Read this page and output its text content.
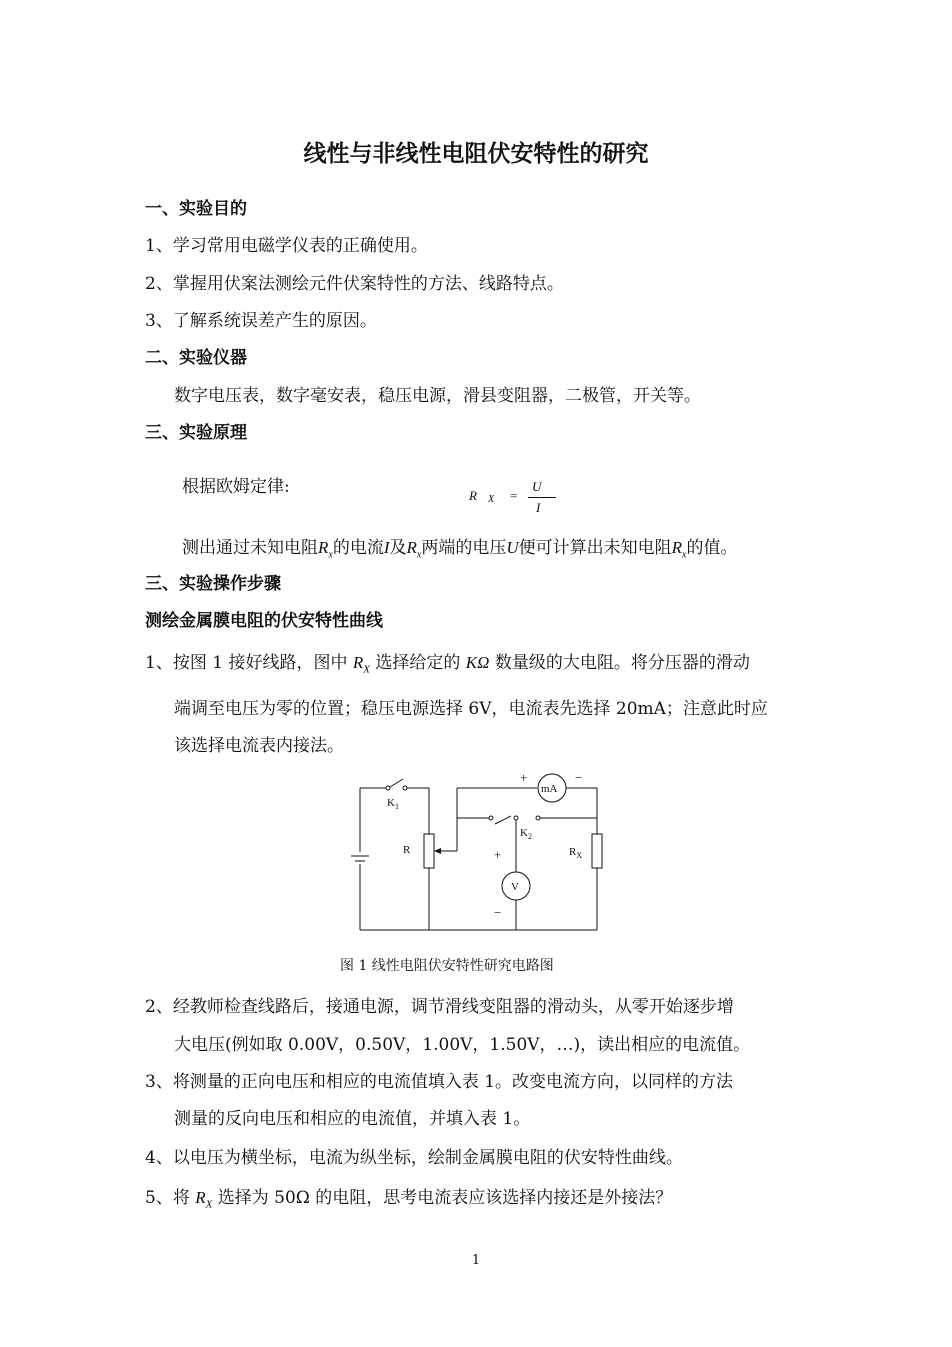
线性与非线性电阻伏安特性的研究
一、实验目的
1、学习常用电磁学仪表的正确使用。
2、掌握用伏案法测绘元件伏案特性的方法、线路特点。
3、了解系统误差产生的原因。
二、实验仪器
数字电压表，数字毫安表，稳压电源，滑县变阻器，二极管，开关等。
三、实验原理
根据欧姆定律:	R X =
U
I
测出通过未知电阻$R_x$的电流I及$R_x$两端的电压U便可计算出未知电阻$R_x$的值。
三、实验操作步骤
测绘金属膜电阻的伏安特性曲线
1、按图 1 接好线路，图中 $R_X$ 选择给定的 KΩ 数量级的大电阻。将分压器的滑动
端调至电压为零的位置；稳压电源选择 6V，电流表先选择 20mA；注意此时应
该选择电流表内接法。
$K_1$
R
$K_2$
$R_X$
mA
V
+	−
+
−
图 1 线性电阻伏安特性研究电路图
2、经教师检查线路后，接通电源，调节滑线变阻器的滑动头，从零开始逐步增
大电压(例如取 0.00V，0.50V，1.00V，1.50V，…)，读出相应的电流值。
3、将测量的正向电压和相应的电流值填入表 1。改变电流方向，以同样的方法
测量的反向电压和相应的电流值，并填入表 1。
4、以电压为横坐标，电流为纵坐标，绘制金属膜电阻的伏安特性曲线。
5、将 $R_X$ 选择为 50Ω 的电阻，思考电流表应该选择内接还是外接法？
1
